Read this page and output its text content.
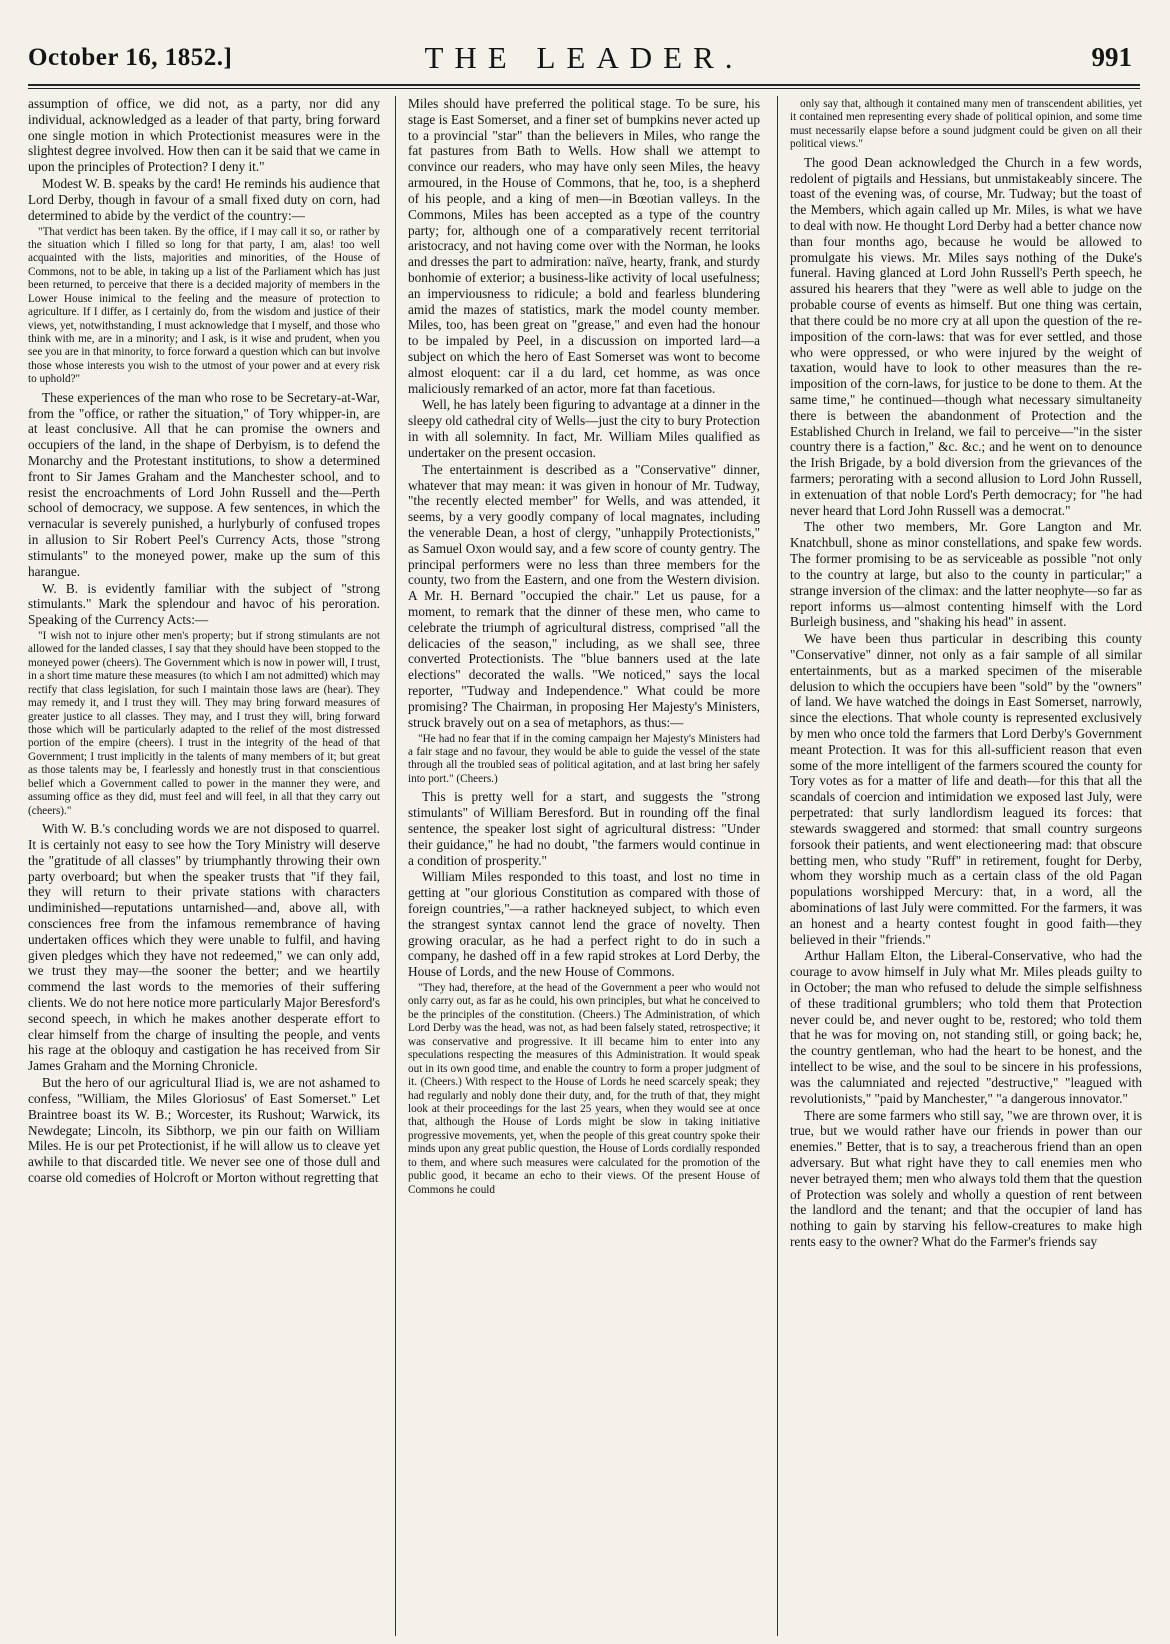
October 16, 1852.]	THE LEADER.	991

assumption of office, we did not, as a party, nor did any individual, acknowledged as a leader of that party, bring forward one single motion in which Protectionist measures were in the slightest degree involved. How then can it be said that we came in upon the principles of Protection? I deny it."

Modest W. B. speaks by the card! He reminds his audience that Lord Derby, though in favour of a small fixed duty on corn, had determined to abide by the verdict of the country:—

"That verdict has been taken. By the office, if I may call it so, or rather by the situation which I filled so long for that party, I am, alas! too well acquainted with the lists, majorities and minorities, of the House of Commons, not to be able, in taking up a list of the Parliament which has just been returned, to perceive that there is a decided majority of members in the Lower House inimical to the feeling and the measure of protection to agriculture. If I differ, as I certainly do, from the wisdom and justice of their views, yet, notwithstanding, I must acknowledge that I myself, and those who think with me, are in a minority; and I ask, is it wise and prudent, when you see you are in that minority, to force forward a question which can but involve those whose interests you wish to the utmost of your power and at every risk to uphold?"

These experiences of the man who rose to be Secretary-at-War, from the "office, or rather the situation," of Tory whipper-in, are at least conclusive. All that he can promise the owners and occupiers of the land, in the shape of Derbyism, is to defend the Monarchy and the Protestant institutions, to show a determined front to Sir James Graham and the Manchester school, and to resist the encroachments of Lord John Russell and the—Perth school of democracy, we suppose. A few sentences, in which the vernacular is severely punished, a hurlyburly of confused tropes in allusion to Sir Robert Peel's Currency Acts, those "strong stimulants" to the moneyed power, make up the sum of this harangue.

W. B. is evidently familiar with the subject of "strong stimulants." Mark the splendour and havoc of his peroration. Speaking of the Currency Acts:—

"I wish not to injure other men's property; but if strong stimulants are not allowed for the landed classes, I say that they should have been stopped to the moneyed power (cheers). The Government which is now in power will, I trust, in a short time mature these measures (to which I am not admitted) which may rectify that class legislation, for such I maintain those laws are (hear). They may remedy it, and I trust they will. They may bring forward measures of greater justice to all classes. They may, and I trust they will, bring forward those which will be particularly adapted to the relief of the most distressed portion of the empire (cheers). I trust in the integrity of the head of that Government; I trust implicitly in the talents of many members of it; but great as those talents may be, I fearlessly and honestly trust in that conscientious belief which a Government called to power in the manner they were, and assuming office as they did, must feel and will feel, in all that they carry out (cheers)."

With W. B.'s concluding words we are not disposed to quarrel. It is certainly not easy to see how the Tory Ministry will deserve the "gratitude of all classes" by triumphantly throwing their own party overboard; but when the speaker trusts that "if they fail, they will return to their private stations with characters undiminished—reputations untarnished—and, above all, with consciences free from the infamous remembrance of having undertaken offices which they were unable to fulfil, and having given pledges which they have not redeemed," we can only add, we trust they may—the sooner the better; and we heartily commend the last words to the memories of their suffering clients. We do not here notice more particularly Major Beresford's second speech, in which he makes another desperate effort to clear himself from the charge of insulting the people, and vents his rage at the obloquy and castigation he has received from Sir James Graham and the Morning Chronicle.

But the hero of our agricultural Iliad is, we are not ashamed to confess, "William, the Miles Gloriosus' of East Somerset." Let Braintree boast its W. B.; Worcester, its Rushout; Warwick, its Newdegate; Lincoln, its Sibthorp, we pin our faith on William Miles. He is our pet Protectionist, if he will allow us to cleave yet awhile to that discarded title. We never see one of those dull and coarse old comedies of Holcroft or Morton without regretting that

Miles should have preferred the political stage. To be sure, his stage is East Somerset, and a finer set of bumpkins never acted up to a provincial "star" than the believers in Miles, who range the fat pastures from Bath to Wells. How shall we attempt to convince our readers, who may have only seen Miles, the heavy armoured, in the House of Commons, that he, too, is a shepherd of his people, and a king of men—in Bœotian valleys. In the Commons, Miles has been accepted as a type of the country party; for, although one of a comparatively recent territorial aristocracy, and not having come over with the Norman, he looks and dresses the part to admiration: naïve, hearty, frank, and sturdy bonhomie of exterior; a business-like activity of local usefulness; an imperviousness to ridicule; a bold and fearless blundering amid the mazes of statistics, mark the model county member. Miles, too, has been great on "grease," and even had the honour to be impaled by Peel, in a discussion on imported lard—a subject on which the hero of East Somerset was wont to become almost eloquent: car il a du lard, cet homme, as was once maliciously remarked of an actor, more fat than facetious.

Well, he has lately been figuring to advantage at a dinner in the sleepy old cathedral city of Wells—just the city to bury Protection in with all solemnity. In fact, Mr. William Miles qualified as undertaker on the present occasion.

The entertainment is described as a "Conservative" dinner, whatever that may mean: it was given in honour of Mr. Tudway, "the recently elected member" for Wells, and was attended, it seems, by a very goodly company of local magnates, including the venerable Dean, a host of clergy, "unhappily Protectionists," as Samuel Oxon would say, and a few score of county gentry. The principal performers were no less than three members for the county, two from the Eastern, and one from the Western division. A Mr. H. Bernard "occupied the chair." Let us pause, for a moment, to remark that the dinner of these men, who came to celebrate the triumph of agricultural distress, comprised "all the delicacies of the season," including, as we shall see, three converted Protectionists. The "blue banners used at the late elections" decorated the walls. "We noticed," says the local reporter, "Tudway and Independence." What could be more promising? The Chairman, in proposing Her Majesty's Ministers, struck bravely out on a sea of metaphors, as thus:—

"He had no fear that if in the coming campaign her Majesty's Ministers had a fair stage and no favour, they would be able to guide the vessel of the state through all the troubled seas of political agitation, and at last bring her safely into port." (Cheers.)

This is pretty well for a start, and suggests the "strong stimulants" of William Beresford. But in rounding off the final sentence, the speaker lost sight of agricultural distress: "Under their guidance," he had no doubt, "the farmers would continue in a condition of prosperity."

William Miles responded to this toast, and lost no time in getting at "our glorious Constitution as compared with those of foreign countries,"—a rather hackneyed subject, to which even the strangest syntax cannot lend the grace of novelty. Then growing oracular, as he had a perfect right to do in such a company, he dashed off in a few rapid strokes at Lord Derby, the House of Lords, and the new House of Commons.

"They had, therefore, at the head of the Government a peer who would not only carry out, as far as he could, his own principles, but what he conceived to be the principles of the constitution. (Cheers.) The Administration, of which Lord Derby was the head, was not, as had been falsely stated, retrospective; it was conservative and progressive. It ill became him to enter into any speculations respecting the measures of this Administration. It would speak out in its own good time, and enable the country to form a proper judgment of it. (Cheers.) With respect to the House of Lords he need scarcely speak; they had regularly and nobly done their duty, and, for the truth of that, they might look at their proceedings for the last 25 years, when they would see at once that, although the House of Lords might be slow in taking initiative progressive movements, yet, when the people of this great country spoke their minds upon any great public question, the House of Lords cordially responded to them, and where such measures were calculated for the promotion of the public good, it became an echo to their views. Of the present House of Commons he could

only say that, although it contained many men of transcendent abilities, yet it contained men representing every shade of political opinion, and some time must necessarily elapse before a sound judgment could be given on all their political views."

The good Dean acknowledged the Church in a few words, redolent of pigtails and Hessians, but unmistakeably sincere. The toast of the evening was, of course, Mr. Tudway; but the toast of the Members, which again called up Mr. Miles, is what we have to deal with now. He thought Lord Derby had a better chance now than four months ago, because he would be allowed to promulgate his views. Mr. Miles says nothing of the Duke's funeral. Having glanced at Lord John Russell's Perth speech, he assured his hearers that they "were as well able to judge on the probable course of events as himself. But one thing was certain, that there could be no more cry at all upon the question of the re-imposition of the corn-laws: that was for ever settled, and those who were oppressed, or who were injured by the weight of taxation, would have to look to other measures than the re-imposition of the corn-laws, for justice to be done to them. At the same time," he continued—though what necessary simultaneity there is between the abandonment of Protection and the Established Church in Ireland, we fail to perceive—"in the sister country there is a faction," &c. &c.; and he went on to denounce the Irish Brigade, by a bold diversion from the grievances of the farmers; perorating with a second allusion to Lord John Russell, in extenuation of that noble Lord's Perth democracy; for "he had never heard that Lord John Russell was a democrat."

The other two members, Mr. Gore Langton and Mr. Knatchbull, shone as minor constellations, and spake few words. The former promising to be as serviceable as possible "not only to the country at large, but also to the county in particular;" a strange inversion of the climax: and the latter neophyte—so far as report informs us—almost contenting himself with the Lord Burleigh business, and "shaking his head" in assent.

We have been thus particular in describing this county "Conservative" dinner, not only as a fair sample of all similar entertainments, but as a marked specimen of the miserable delusion to which the occupiers have been "sold" by the "owners" of land. We have watched the doings in East Somerset, narrowly, since the elections. That whole county is represented exclusively by men who once told the farmers that Lord Derby's Government meant Protection. It was for this all-sufficient reason that even some of the more intelligent of the farmers scoured the county for Tory votes as for a matter of life and death—for this that all the scandals of coercion and intimidation we exposed last July, were perpetrated: that surly landlordism leagued its forces: that stewards swaggered and stormed: that small country surgeons forsook their patients, and went electioneering mad: that obscure betting men, who study "Ruff" in retirement, fought for Derby, whom they worship much as a certain class of the old Pagan populations worshipped Mercury: that, in a word, all the abominations of last July were committed. For the farmers, it was an honest and a hearty contest fought in good faith—they believed in their "friends."

Arthur Hallam Elton, the Liberal-Conservative, who had the courage to avow himself in July what Mr. Miles pleads guilty to in October; the man who refused to delude the simple selfishness of these traditional grumblers; who told them that Protection never could be, and never ought to be, restored; who told them that he was for moving on, not standing still, or going back; he, the country gentleman, who had the heart to be honest, and the intellect to be wise, and the soul to be sincere in his professions, was the calumniated and rejected "destructive," "leagued with revolutionists," "paid by Manchester," "a dangerous innovator."

There are some farmers who still say, "we are thrown over, it is true, but we would rather have our friends in power than our enemies." Better, that is to say, a treacherous friend than an open adversary. But what right have they to call enemies men who never betrayed them; men who always told them that the question of Protection was solely and wholly a question of rent between the landlord and the tenant; and that the occupier of land has nothing to gain by starving his fellow-creatures to make high rents easy to the owner? What do the Farmer's friends say
